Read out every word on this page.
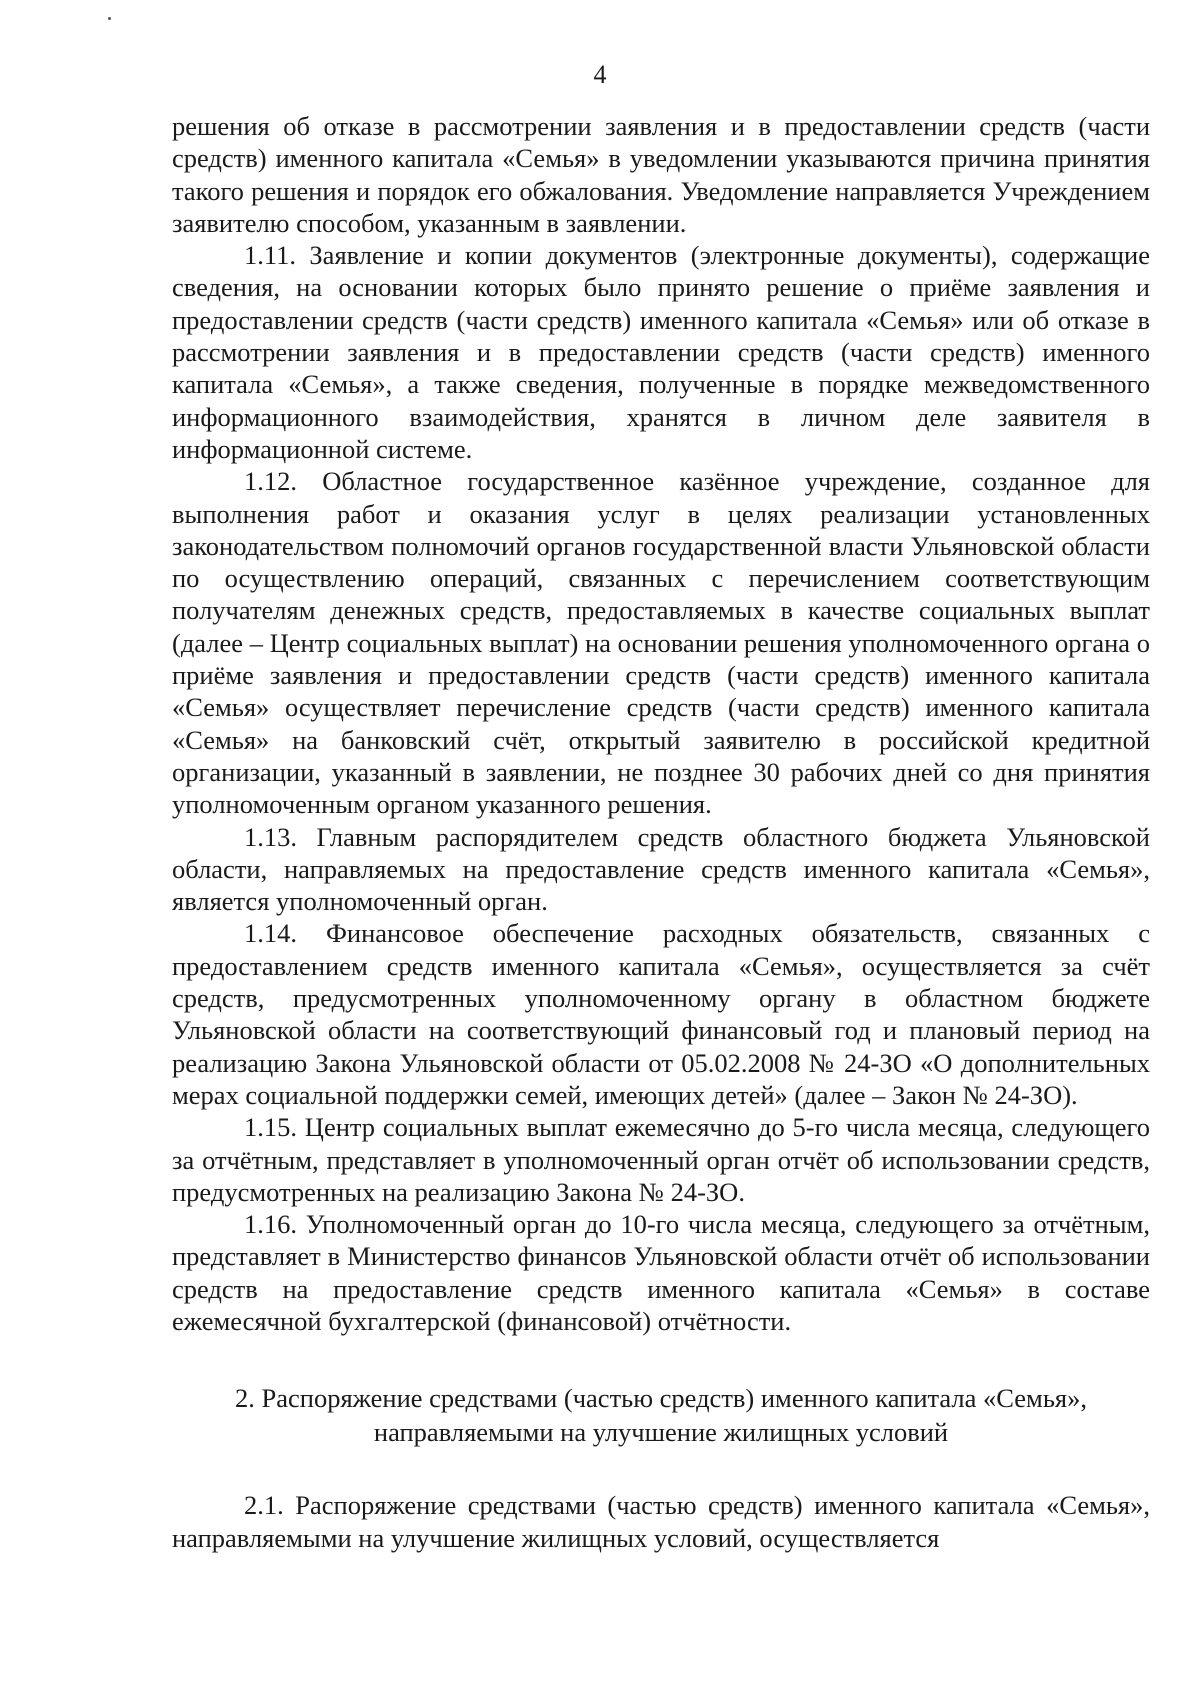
4

решения об отказе в рассмотрении заявления и в предоставлении средств (части средств) именного капитала «Семья» в уведомлении указываются причина принятия такого решения и порядок его обжалования. Уведомление направляется Учреждением заявителю способом, указанным в заявлении.

1.11. Заявление и копии документов (электронные документы), содержащие сведения, на основании которых было принято решение о приёме заявления и предоставлении средств (части средств) именного капитала «Семья» или об отказе в рассмотрении заявления и в предоставлении средств (части средств) именного капитала «Семья», а также сведения, полученные в порядке межведомственного информационного взаимодействия, хранятся в личном деле заявителя в информационной системе.

1.12. Областное государственное казённое учреждение, созданное для выполнения работ и оказания услуг в целях реализации установленных законодательством полномочий органов государственной власти Ульяновской области по осуществлению операций, связанных с перечислением соответствующим получателям денежных средств, предоставляемых в качестве социальных выплат (далее – Центр социальных выплат) на основании решения уполномоченного органа о приёме заявления и предоставлении средств (части средств) именного капитала «Семья» осуществляет перечисление средств (части средств) именного капитала «Семья» на банковский счёт, открытый заявителю в российской кредитной организации, указанный в заявлении, не позднее 30 рабочих дней со дня принятия уполномоченным органом указанного решения.

1.13. Главным распорядителем средств областного бюджета Ульяновской области, направляемых на предоставление средств именного капитала «Семья», является уполномоченный орган.

1.14. Финансовое обеспечение расходных обязательств, связанных с предоставлением средств именного капитала «Семья», осуществляется за счёт средств, предусмотренных уполномоченному органу в областном бюджете Ульяновской области на соответствующий финансовый год и плановый период на реализацию Закона Ульяновской области от 05.02.2008 № 24-ЗО «О дополнительных мерах социальной поддержки семей, имеющих детей» (далее – Закон № 24-ЗО).

1.15. Центр социальных выплат ежемесячно до 5-го числа месяца, следующего за отчётным, представляет в уполномоченный орган отчёт об использовании средств, предусмотренных на реализацию Закона № 24-ЗО.

1.16. Уполномоченный орган до 10-го числа месяца, следующего за отчётным, представляет в Министерство финансов Ульяновской области отчёт об использовании средств на предоставление средств именного капитала «Семья» в составе ежемесячной бухгалтерской (финансовой) отчётности.

2. Распоряжение средствами (частью средств) именного капитала «Семья»,
направляемыми на улучшение жилищных условий

2.1. Распоряжение средствами (частью средств) именного капитала «Семья», направляемыми на улучшение жилищных условий, осуществляется
